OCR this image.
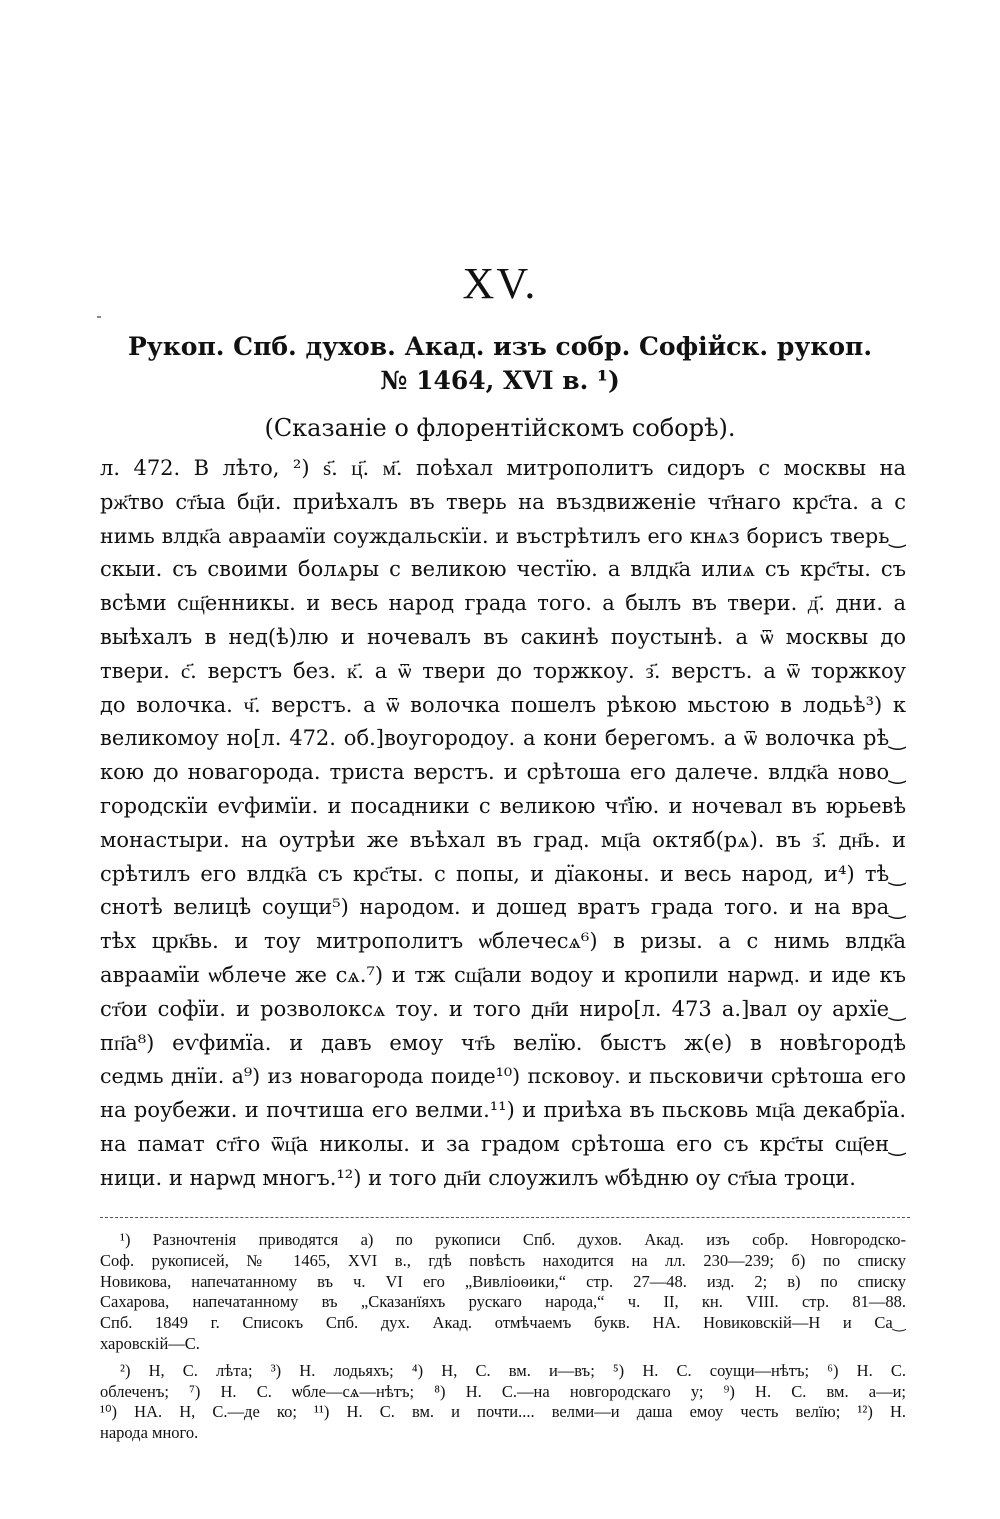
XV.
Рукоп. Спб. духов. Акад. изъ собр. Софійск. рукоп.
№ 1464, XVI в. ¹)
(Сказаніе о флорентійскомъ соборѣ).
л. 472. В лѣто, ²) ѕ҃. ц҃. м҃. поѣхал митрополитъ сидоръ с москвы на
рж҃тво ст҃ыа бц҃и. приѣхалъ въ тверь на въздвиженіе чт҃наго крс҃та. а с
нимь влдк҃а авраамїи соуждальскїи. и въстрѣтилъ его кнѧз борисъ тверь‿
скыи. съ своими болѧры с великою честїю. а влдк҃а илиѧ съ крс҃ты. съ
всѣми сщ҃енникы. и весь народ града того. а былъ въ твери. д҃. дни. а
выѣхалъ в нед(ѣ)лю и ночевалъ въ сакинѣ поустынѣ. а ѿ москвы до
твери. с҃. верстъ без. к҃. а ѿ твери до торжкоу. з҃. верстъ. а ѿ торжкоу
до волочка. ч҃. верстъ. а ѿ волочка пошелъ рѣкою мьстою в лодьѣ³) к
великомоу но[л. 472. об.]воугородоу. а кони берегомъ. а ѿ волочка рѣ‿
кою до новагорода. триста верстъ. и срѣтоша его далече. влдк҃а ново‿
городскїи еѵфимїи. и посадники с великою чт҃їю. и ночевал въ юрьевѣ
монастыри. на оутрѣи же въѣхал въ град. мц҃а октяб(рѧ). въ з҃. дн҃ь. и
срѣтилъ его влдк҃а съ крс҃ты. с попы, и дїаконы. и весь народ, и⁴) тѣ‿
снотѣ велицѣ соущи⁵) народом. и дошед вратъ града того. и на вра‿
тѣх црк҃вь. и тоу митрополитъ ѡблечесѧ⁶) в ризы. а с нимь влдк҃а
авраамїи ѡблече же сѧ.⁷) и тж сщ҃али водоу и кропили нарѡд. и иде къ
ст҃ои софїи. и розволоксѧ тоу. и того дн҃и ниро[л. 473 а.]вал оу архїе‿
пп҃а⁸) еѵфимїа. и давъ емоу чт҃ь велїю. быстъ ж(е) в новѣгородѣ
седмь днїи. а⁹) из новагорода поиде¹⁰) псковоу. и пьсковичи срѣтоша его
на роубежи. и почтиша его велми.¹¹) и приѣха въ пьсковь мц҃а декабрїа.
на памат ст҃го ѿц҃а николы. и за градом срѣтоша его съ крс҃ты сщ҃ен‿
ници. и нарѡд многъ.¹²) и того дн҃и слоужилъ ѡбѣдню оу ст҃ыа троци.
¹) Разночтенія приводятся а) по рукописи Спб. духов. Акад. изъ собр. Новгородско-
Соф. рукописей, № 1465, XVI в., гдѣ повѣсть находится на лл. 230—239; б) по списку
Новикова, напечатанному въ ч. VI его „Вивліоѳики,“ стр. 27—48. изд. 2; в) по списку
Сахарова, напечатанному въ „Сказанїяхъ рускаго народа,“ ч. II, кн. VIII. стр. 81—88.
Спб. 1849 г. Списокъ Спб. дух. Акад. отмѣчаемъ букв. НА. Новиковскій—Н и Са‿
харовскій—С.
²) Н, С. лѣта; ³) Н. лодьяхъ; ⁴) Н, С. вм. и—въ; ⁵) Н. С. соущи—нѣтъ; ⁶) Н. С.
облеченъ; ⁷) Н. С. ѡбле—сѧ—нѣтъ; ⁸) Н. С.—на новгородскаго у; ⁹) Н. С. вм. а—и;
¹⁰) НА. Н, С.—де ко; ¹¹) Н. С. вм. и почти.... велми—и даша емоу честь велїю; ¹²) Н.
народа много.
